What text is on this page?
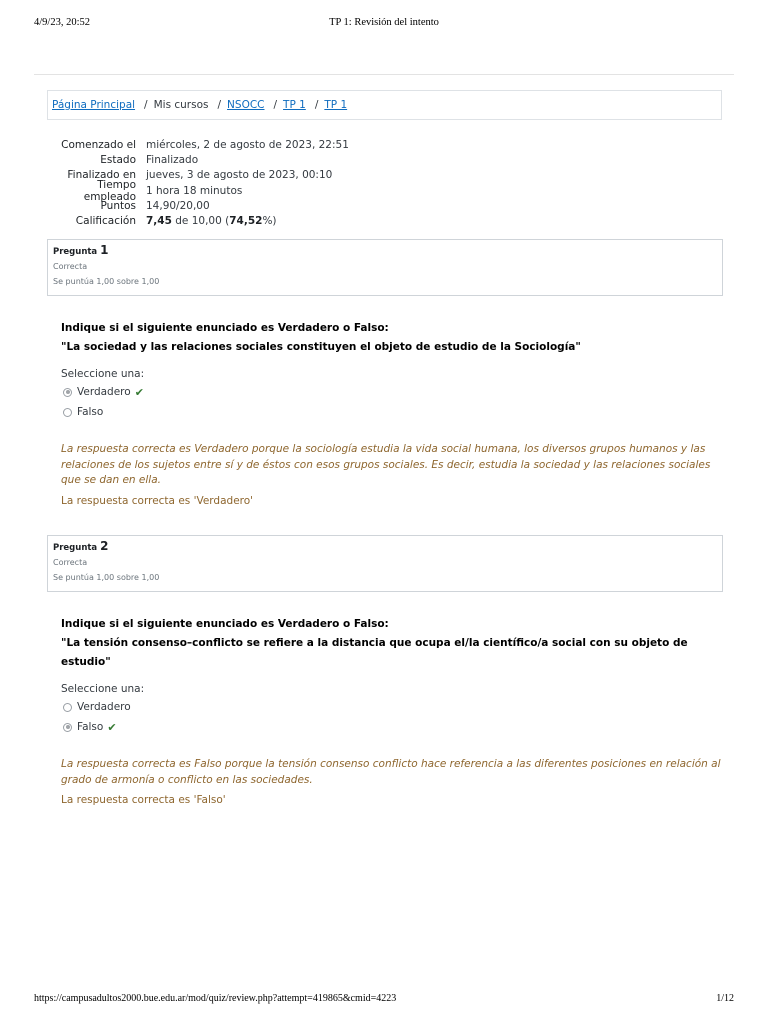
4/9/23, 20:52	TP 1: Revisión del intento
Página Principal / Mis cursos / NSOCC / TP 1 / TP 1
Comenzado el miércoles, 2 de agosto de 2023, 22:51
Estado Finalizado
Finalizado en jueves, 3 de agosto de 2023, 00:10
Tiempo empleado
1 hora 18 minutos
Puntos 14,90/20,00
Calificación 7,45 de 10,00 (74,52%)
Pregunta 1
Correcta
Se puntúa 1,00 sobre 1,00
Indique si el siguiente enunciado es Verdadero o Falso:
"La sociedad y las relaciones sociales constituyen el objeto de estudio de la Sociología"
Seleccione una:
Verdadero ✔
Falso
La respuesta correcta es Verdadero porque la sociología estudia la vida social humana, los diversos grupos humanos y las relaciones de los sujetos entre sí y de éstos con esos grupos sociales. Es decir, estudia la sociedad y las relaciones sociales que se dan en ella.
La respuesta correcta es 'Verdadero'
Pregunta 2
Correcta
Se puntúa 1,00 sobre 1,00
Indique si el siguiente enunciado es Verdadero o Falso:
"La tensión consenso–conflicto se refiere a la distancia que ocupa el/la científico/a social con su objeto de estudio"
Seleccione una:
Verdadero
Falso ✔
La respuesta correcta es Falso porque la tensión consenso conflicto hace referencia a las diferentes posiciones en relación al grado de armonía o conflicto en las sociedades.
La respuesta correcta es 'Falso'
https://campusadultos2000.bue.edu.ar/mod/quiz/review.php?attempt=419865&cmid=4223	1/12
